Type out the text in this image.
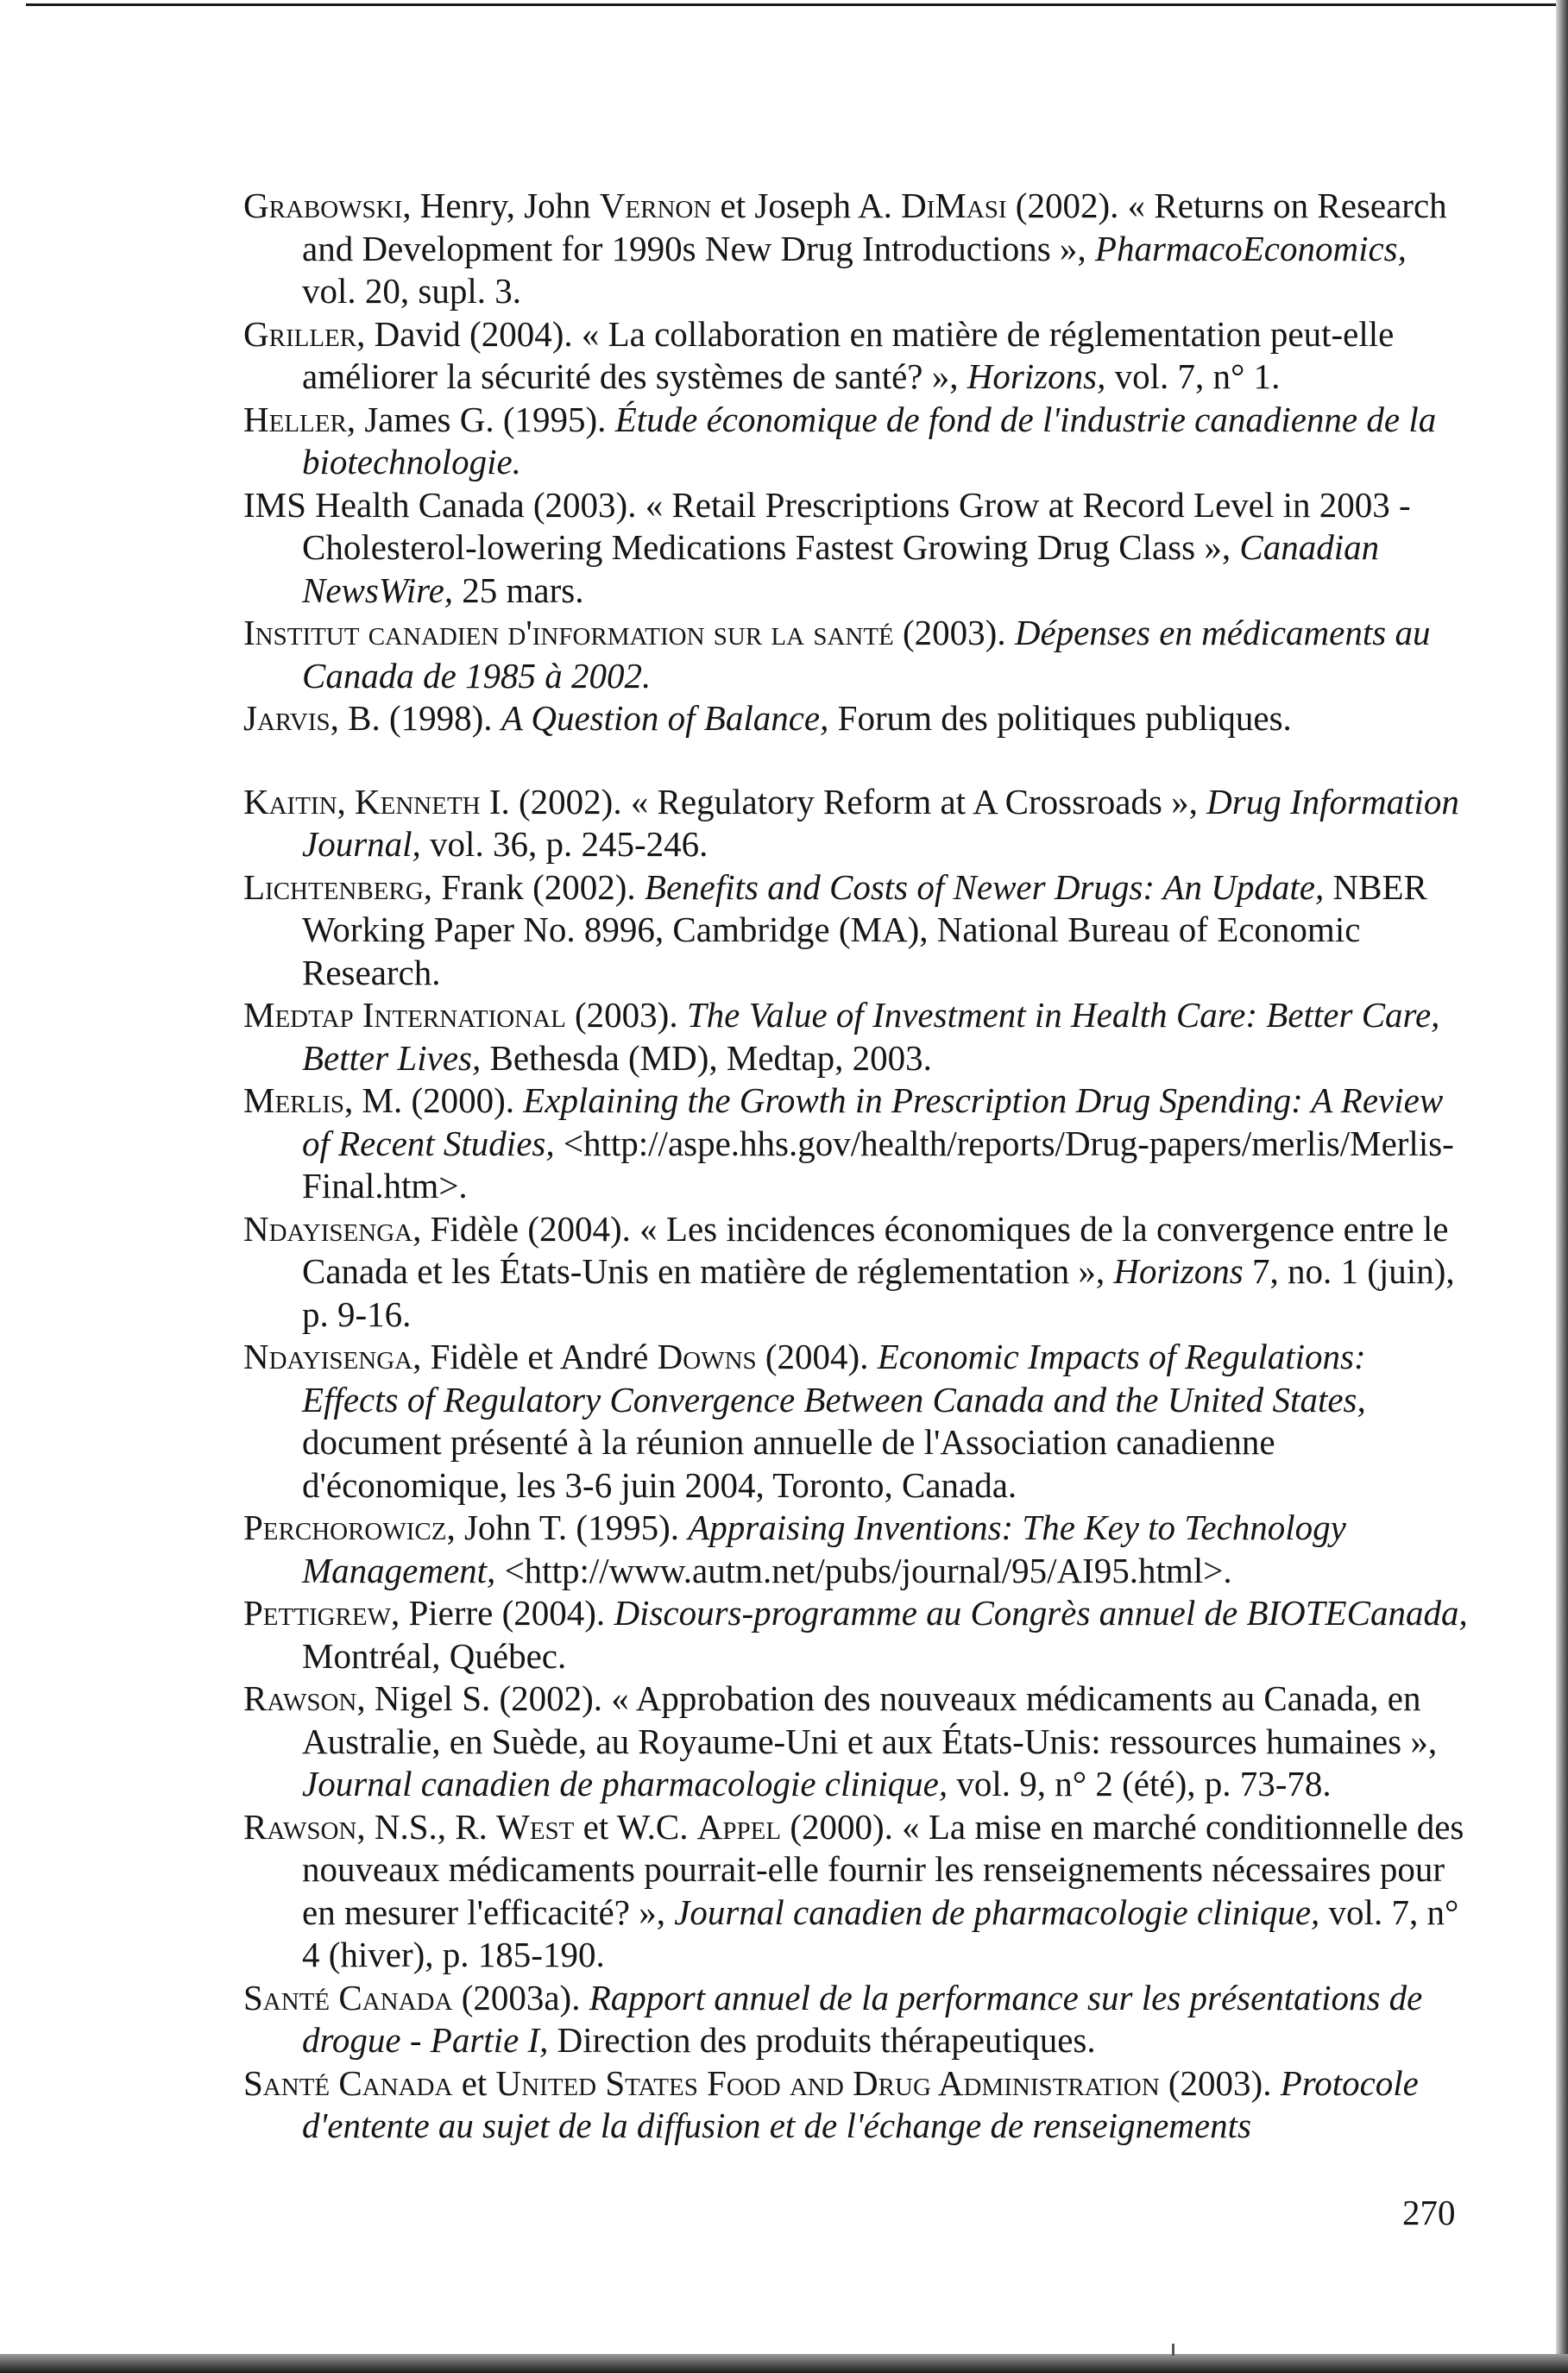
Grabowski, Henry, John Vernon et Joseph A. DiMasi (2002). « Returns on Research and Development for 1990s New Drug Introductions », PharmacoEconomics, vol. 20, supl. 3.

Griller, David (2004). « La collaboration en matière de réglementation peut-elle améliorer la sécurité des systèmes de santé? », Horizons, vol. 7, n° 1.

Heller, James G. (1995). Étude économique de fond de l'industrie canadienne de la biotechnologie.

IMS Health Canada (2003). « Retail Prescriptions Grow at Record Level in 2003 - Cholesterol-lowering Medications Fastest Growing Drug Class », Canadian NewsWire, 25 mars.

Institut canadien d'information sur la santé (2003). Dépenses en médicaments au Canada de 1985 à 2002.

Jarvis, B. (1998). A Question of Balance, Forum des politiques publiques.

Kaitin, Kenneth I. (2002). « Regulatory Reform at A Crossroads », Drug Information Journal, vol. 36, p. 245-246.

Lichtenberg, Frank (2002). Benefits and Costs of Newer Drugs: An Update, NBER Working Paper No. 8996, Cambridge (MA), National Bureau of Economic Research.

Medtap International (2003). The Value of Investment in Health Care: Better Care, Better Lives, Bethesda (MD), Medtap, 2003.

Merlis, M. (2000). Explaining the Growth in Prescription Drug Spending: A Review of Recent Studies, <http://aspe.hhs.gov/health/reports/Drug-papers/merlis/Merlis-Final.htm>.

Ndayisenga, Fidèle (2004). « Les incidences économiques de la convergence entre le Canada et les États-Unis en matière de réglementation », Horizons 7, no. 1 (juin), p. 9-16.

Ndayisenga, Fidèle et André Downs (2004). Economic Impacts of Regulations: Effects of Regulatory Convergence Between Canada and the United States, document présenté à la réunion annuelle de l'Association canadienne d'économique, les 3-6 juin 2004, Toronto, Canada.

Perchorowicz, John T. (1995). Appraising Inventions: The Key to Technology Management, <http://www.autm.net/pubs/journal/95/AI95.html>.

Pettigrew, Pierre (2004). Discours-programme au Congrès annuel de BIOTECanada, Montréal, Québec.

Rawson, Nigel S. (2002). « Approbation des nouveaux médicaments au Canada, en Australie, en Suède, au Royaume-Uni et aux États-Unis: ressources humaines », Journal canadien de pharmacologie clinique, vol. 9, n° 2 (été), p. 73-78.

Rawson, N.S., R. West et W.C. Appel (2000). « La mise en marché conditionnelle des nouveaux médicaments pourrait-elle fournir les renseignements nécessaires pour en mesurer l'efficacité? », Journal canadien de pharmacologie clinique, vol. 7, n° 4 (hiver), p. 185-190.

Santé Canada (2003a). Rapport annuel de la performance sur les présentations de drogue - Partie I, Direction des produits thérapeutiques.

Santé Canada et United States Food and Drug Administration (2003). Protocole d'entente au sujet de la diffusion et de l'échange de renseignements

270
